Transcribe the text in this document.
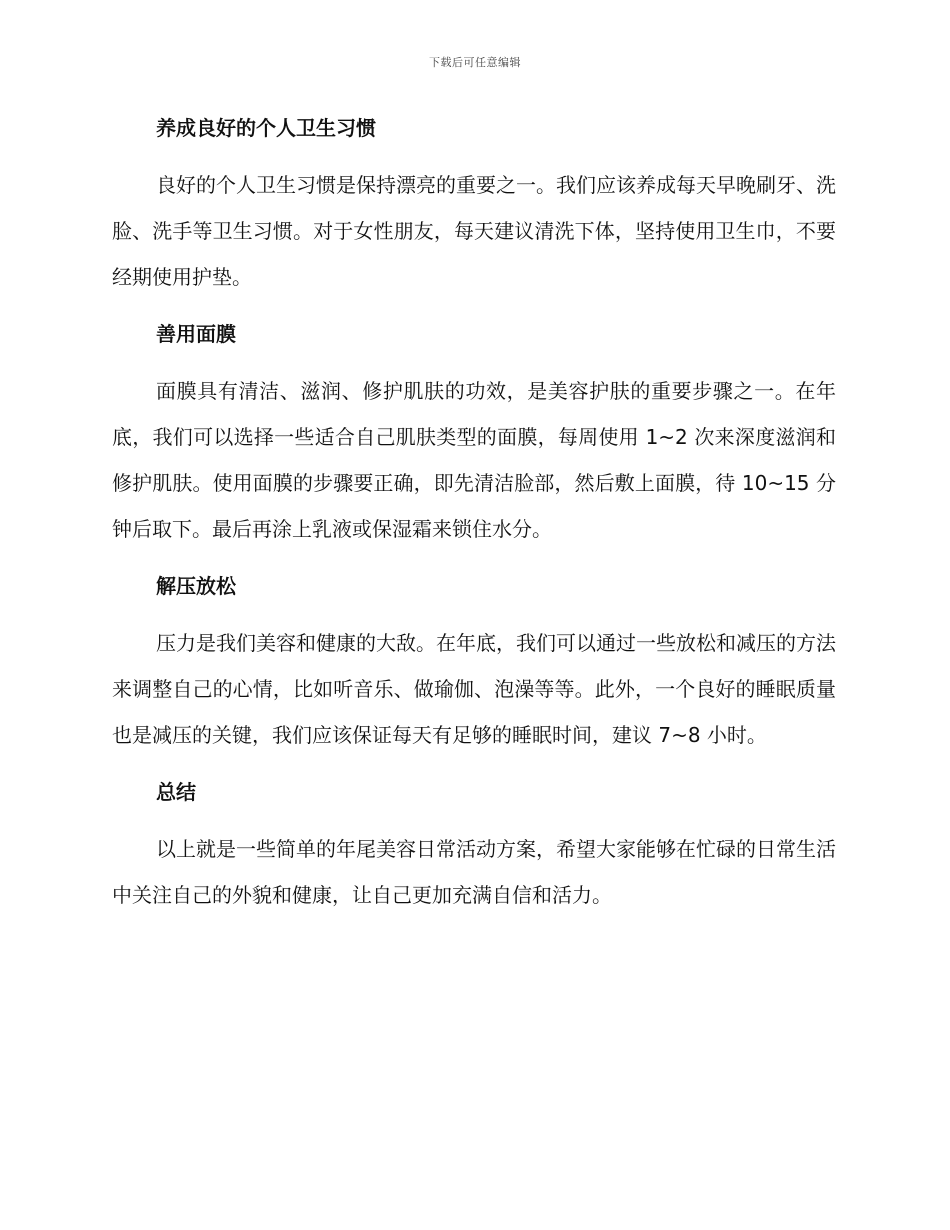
下载后可任意编辑
养成良好的个人卫生习惯

良好的个人卫生习惯是保持漂亮的重要之一。我们应该养成每天早晚刷牙、洗脸、洗手等卫生习惯。对于女性朋友，每天建议清洗下体，坚持使用卫生巾，不要经期使用护垫。

善用面膜

面膜具有清洁、滋润、修护肌肤的功效，是美容护肤的重要步骤之一。在年底，我们可以选择一些适合自己肌肤类型的面膜，每周使用 1~2 次来深度滋润和修护肌肤。使用面膜的步骤要正确，即先清洁脸部，然后敷上面膜，待 10~15 分钟后取下。最后再涂上乳液或保湿霜来锁住水分。

解压放松

压力是我们美容和健康的大敌。在年底，我们可以通过一些放松和减压的方法来调整自己的心情，比如听音乐、做瑜伽、泡澡等等。此外，一个良好的睡眠质量也是减压的关键，我们应该保证每天有足够的睡眠时间，建议 7~8 小时。

总结

以上就是一些简单的年尾美容日常活动方案，希望大家能够在忙碌的日常生活中关注自己的外貌和健康，让自己更加充满自信和活力。
